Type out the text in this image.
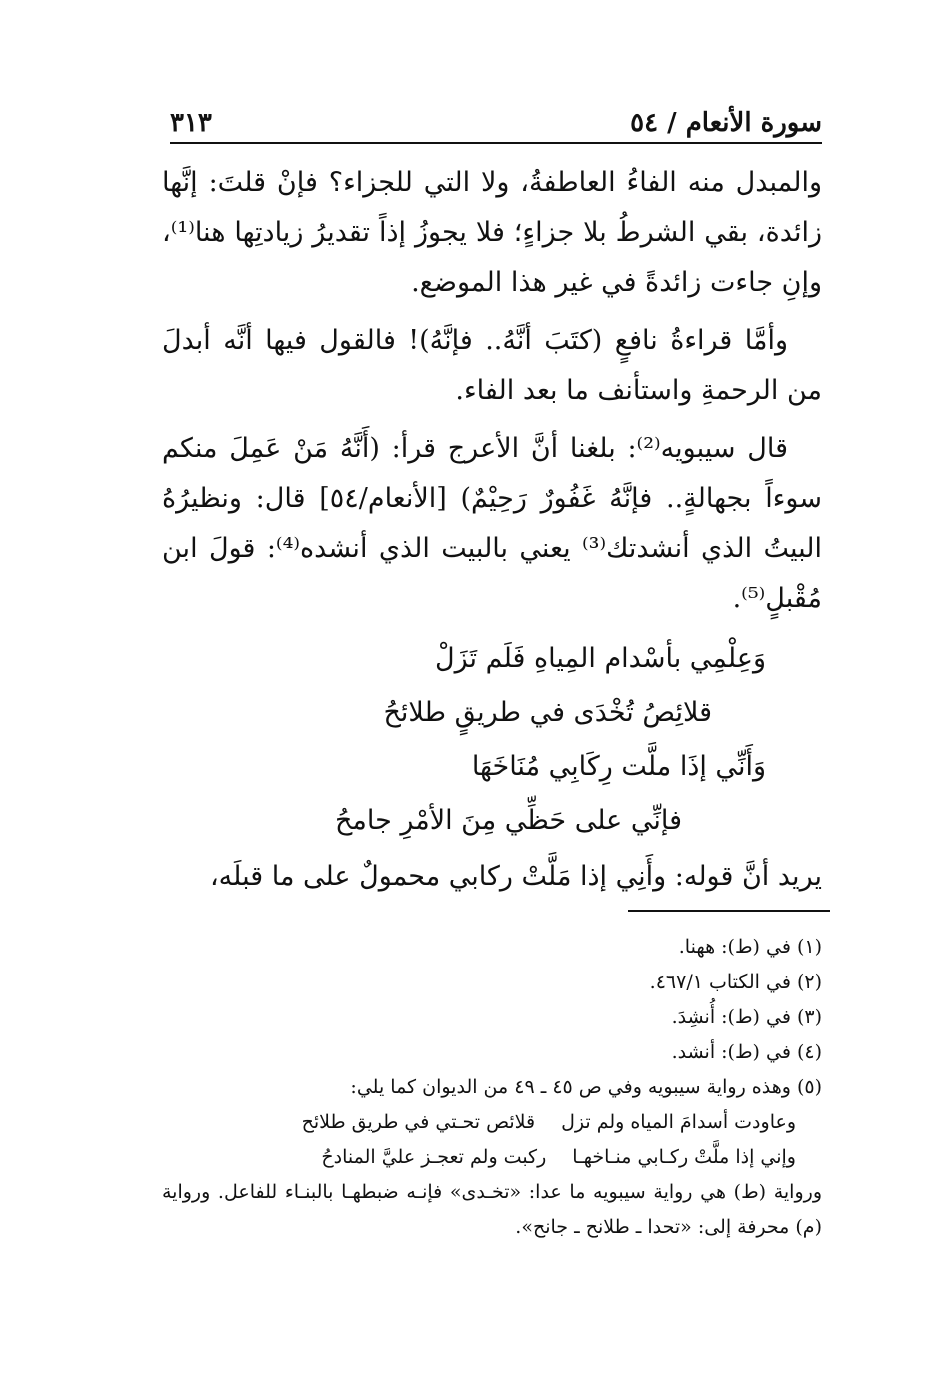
سورة الأنعام / ٥٤
٣١٣

والمبدل منه الفاءُ العاطفةُ، ولا التي للجزاء؟ فإنْ قلتَ: إنَّها زائدة، بقي الشرطُ بلا جزاءٍ؛ فلا يجوزُ إذاً تقديرُ زيادتِها هنا⁽¹⁾، وإنِ جاءت زائدةً في غير هذا الموضع.

وأمَّا قراءةُ نافعٍ (كتَبَ أنَّهُ.. فإنَّهُ)! فالقول فيها أنَّه أبدلَ من الرحمةِ واستأنف ما بعد الفاء.

قال سيبويه⁽²⁾: بلغنا أنَّ الأعرج قرأ: (أَنَّهُ مَنْ عَمِلَ منكم سوءاً بجهالةٍ.. فإنَّهُ غَفُورٌ رَحِيْمٌ) [الأنعام/٥٤] قال: ونظيرُهُ البيتُ الذي أنشدتك⁽³⁾ يعني بالبيت الذي أنشده⁽⁴⁾: قولَ ابن مُقْبلٍ⁽⁵⁾.

وَعِلْمِي بأسْدام المِياهِ فَلَم تَزَلْ
قلائِصُ تُخْدَى في طريقٍ طلائحُ
وَأَنِّي إذَا ملَّت رِكَابِي مُنَاخَهَا
فإنِّي على حَظِّي مِنَ الأمْرِ جامحُ

يريد أنَّ قوله: وأَنِي إذا مَلَّتْ ركابي محمولٌ على ما قبلَه،

(١) في (ط): ههنا.

(٢) في الكتاب ٤٦٧/١.

(٣) في (ط): أُنشِدَ.

(٤) في (ط): أنشد.

(٥) وهذه رواية سيبويه وفي ص ٤٥ ـ ٤٩ من الديوان كما يلي:

وعاودت أسدامَ المياه ولم تزل
قلائص تحـتي في طريق طلائح
وإني إذا ملَّتْ ركـابي منـاخهـا
ركبت ولم تعجـز عليَّ المنادحُ

ورواية (ط) هي رواية سيبويه ما عدا: «تخـدى» فإنـه ضبطهـا بالبنـاء للفاعل. ورواية (م) محرفة إلى: «تحدا ـ طلانح ـ جانح».
